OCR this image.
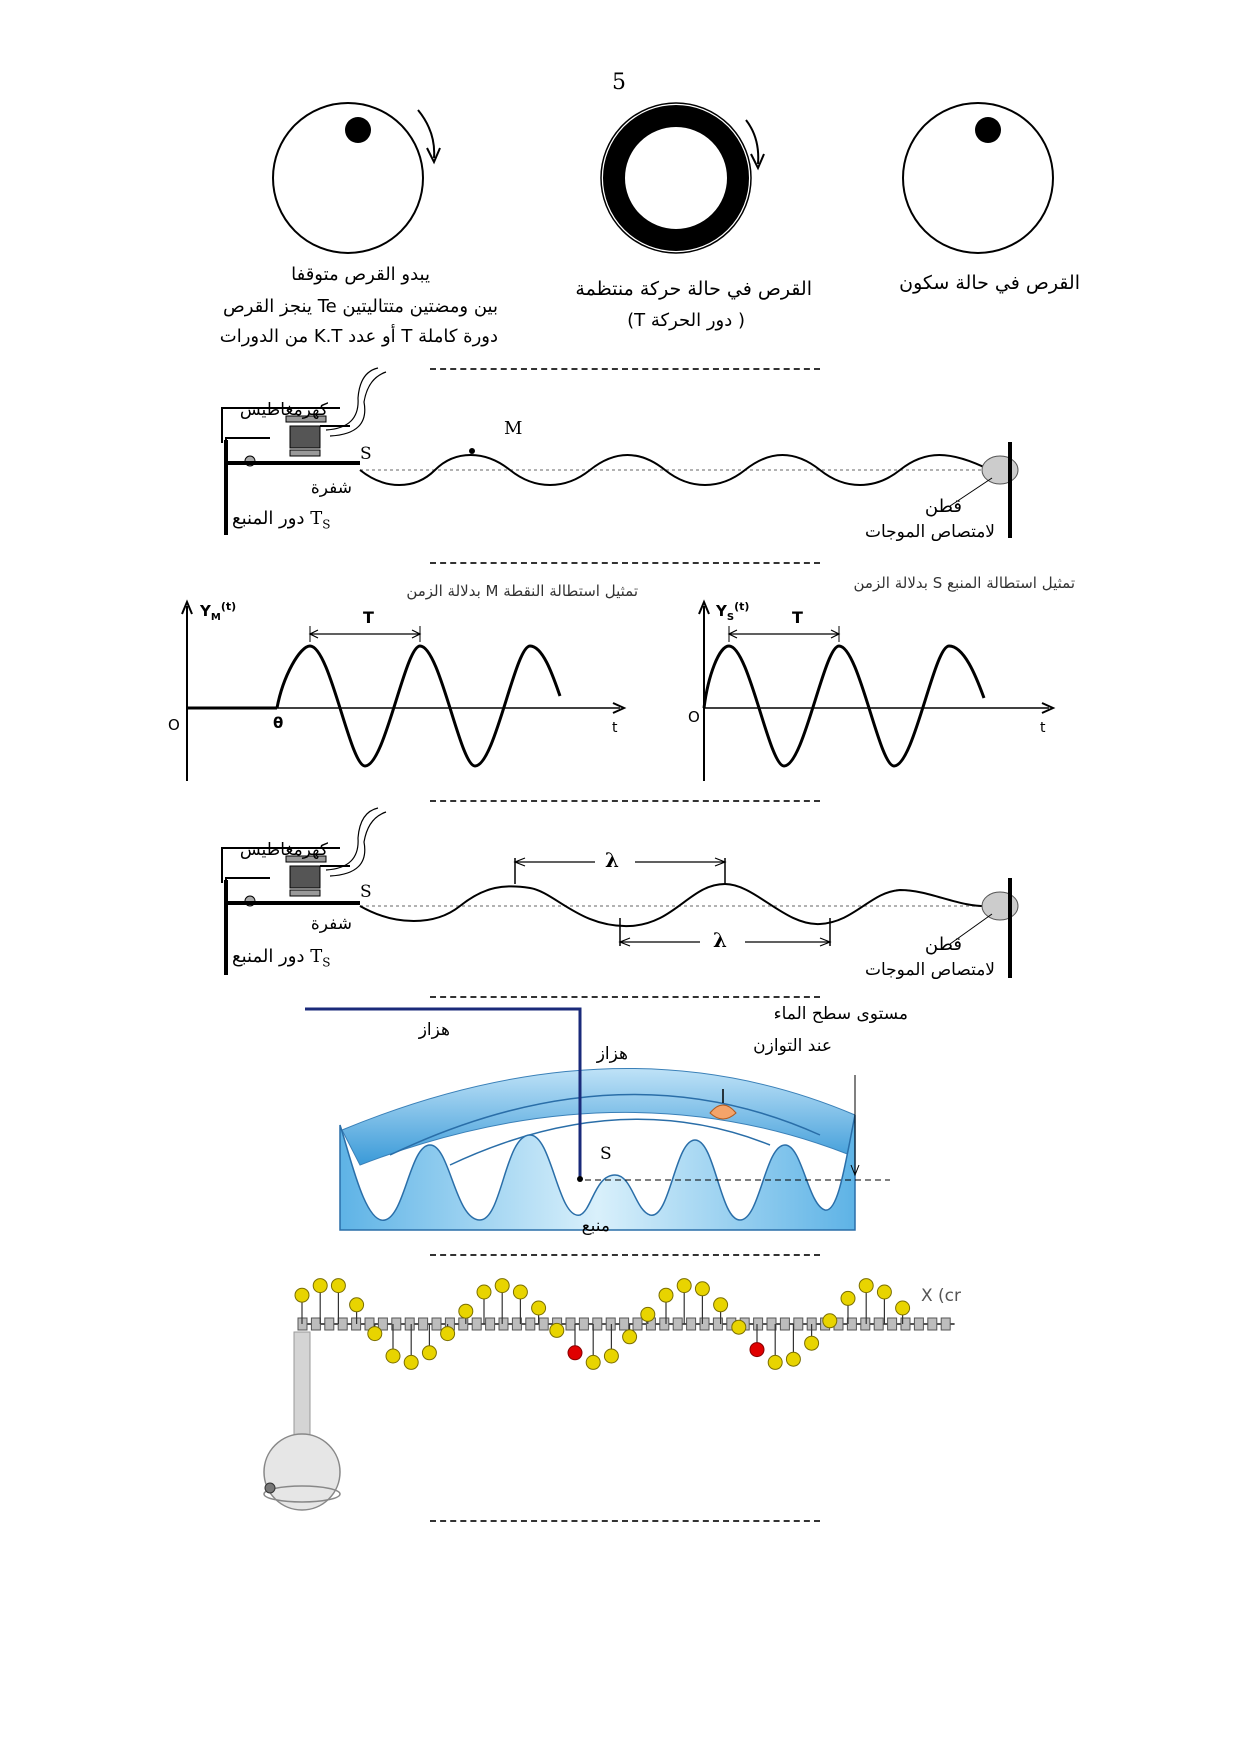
5
القرص في حالة سكون
القرص في حالة حركة منتظمة
( دور الحركة T)
يبدو القرص متوقفا
بين ومضتين متتاليتين Te ينجز القرص
دورة كاملة T أو عدد K.T من الدورات
كهرمغاطيس
S
M
شفرة
دور المنبع $T_S$
قطن
لامتصاص الموجات
تمثيل استطالة النقطة M بدلالة الزمن	تمثيل استطالة المنبع S بدلالة الزمن
$Y_M^{(t)}$
O	θ	t
T	$Y_S^{(t)}$
O
t
T
كهرمغاطيس
S
λ
λ
شفرة
دور المنبع $T_S$
قطن
لامتصاص الموجات
هزاز
هزاز
مستوى سطح الماء
عند التوازن
S
منبع
X (cr
